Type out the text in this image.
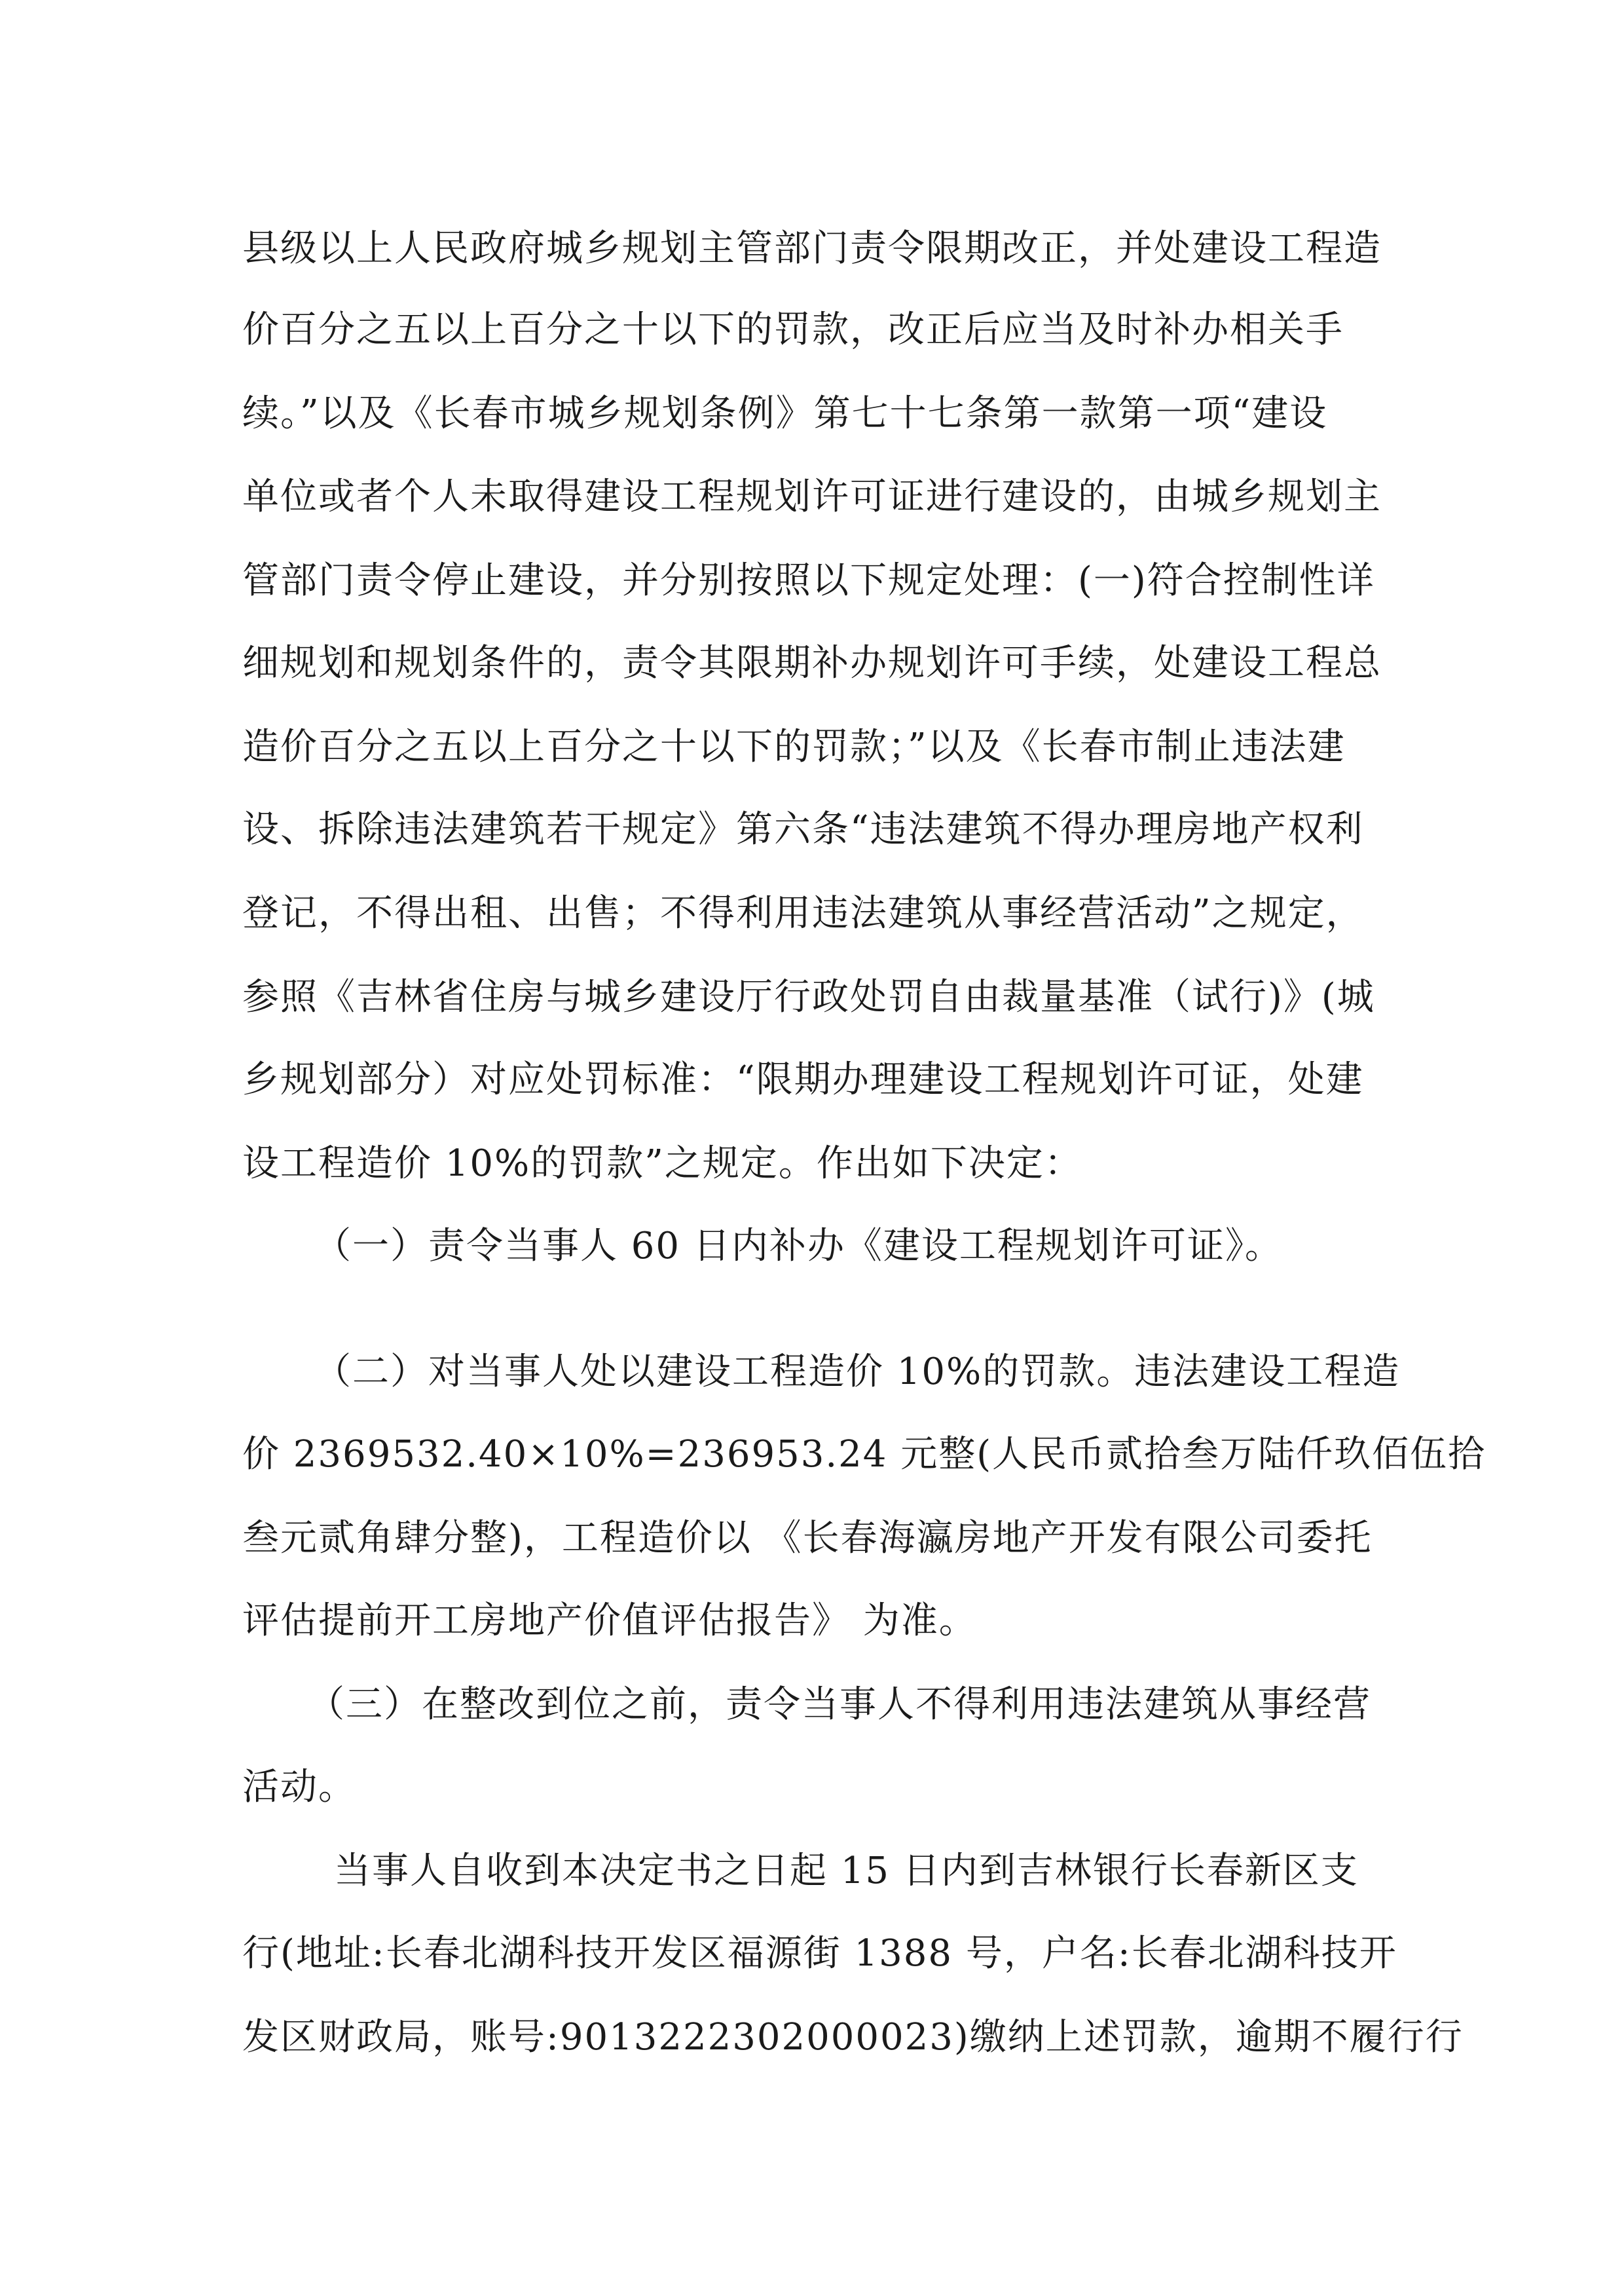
县级以上人民政府城乡规划主管部门责令限期改正，并处建设工程造
价百分之五以上百分之十以下的罚款，改正后应当及时补办相关手
续。”以及《长春市城乡规划条例》第七十七条第一款第一项“建设
单位或者个人未取得建设工程规划许可证进行建设的，由城乡规划主
管部门责令停止建设，并分别按照以下规定处理：(一)符合控制性详
细规划和规划条件的，责令其限期补办规划许可手续，处建设工程总
造价百分之五以上百分之十以下的罚款；”以及《长春市制止违法建
设、拆除违法建筑若干规定》第六条“违法建筑不得办理房地产权利
登记，不得出租、出售；不得利用违法建筑从事经营活动”之规定，
参照《吉林省住房与城乡建设厅行政处罚自由裁量基准（试行)》(城
乡规划部分）对应处罚标准：“限期办理建设工程规划许可证，处建
设工程造价 10%的罚款”之规定。作出如下决定：
（一）责令当事人 60 日内补办《建设工程规划许可证》。
（二）对当事人处以建设工程造价 10%的罚款。违法建设工程造
价 2369532.40×10%=236953.24 元整(人民币贰拾叁万陆仟玖佰伍拾
叁元贰角肆分整)，工程造价以 《长春海瀛房地产开发有限公司委托
评估提前开工房地产价值评估报告》 为准。
（三）在整改到位之前，责令当事人不得利用违法建筑从事经营
活动。
当事人自收到本决定书之日起 15 日内到吉林银行长春新区支
行(地址:长春北湖科技开发区福源街 1388 号，户名:长春北湖科技开
发区财政局，账号:9013222302000023)缴纳上述罚款，逾期不履行行
